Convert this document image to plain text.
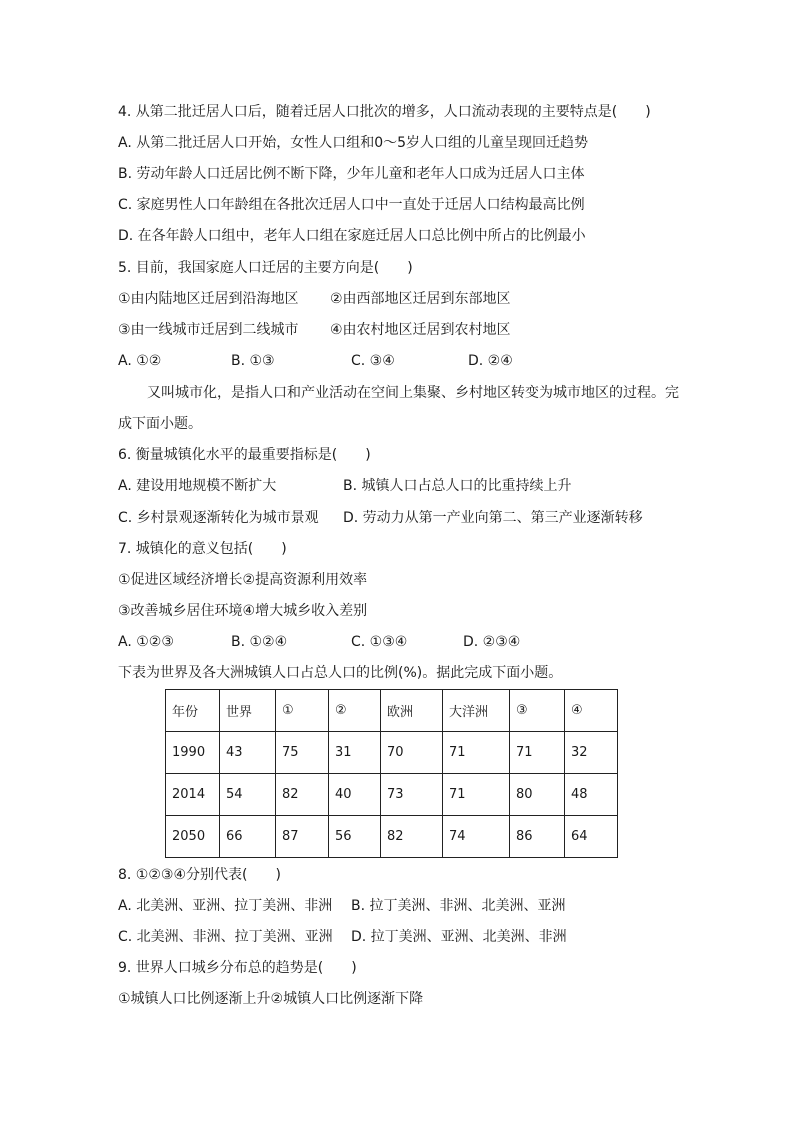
4. 从第二批迁居人口后，随着迁居人口批次的增多，人口流动表现的主要特点是(　　)
A. 从第二批迁居人口开始，女性人口组和0～5岁人口组的儿童呈现回迁趋势
B. 劳动年龄人口迁居比例不断下降，少年儿童和老年人口成为迁居人口主体
C. 家庭男性人口年龄组在各批次迁居人口中一直处于迁居人口结构最高比例
D. 在各年龄人口组中，老年人口组在家庭迁居人口总比例中所占的比例最小
5. 目前，我国家庭人口迁居的主要方向是(　　)
①由内陆地区迁居到沿海地区 ②由西部地区迁居到东部地区
③由一线城市迁居到二线城市 ④由农村地区迁居到农村地区
A. ①②	B. ①③	C. ③④	D. ②④
又叫城市化，是指人口和产业活动在空间上集聚、乡村地区转变为城市地区的过程。完
成下面小题。
6. 衡量城镇化水平的最重要指标是(　　)
A. 建设用地规模不断扩大	B. 城镇人口占总人口的比重持续上升
C. 乡村景观逐渐转化为城市景观 D. 劳动力从第一产业向第二、第三产业逐渐转移
7. 城镇化的意义包括(　　)
①促进区域经济增长②提高资源利用效率
③改善城乡居住环境④增大城乡收入差别
A. ①②③	B. ①②④	C. ①③④	D. ②③④
下表为世界及各大洲城镇人口占总人口的比例(%)。据此完成下面小题。
年份	世界	①	②	欧洲	大洋洲	③	④
1990	43	75	31	70	71	71	32
2014	54	82	40	73	71	80	48
2050	66	87	56	82	74	86	64
8. ①②③④分别代表(　　)
A. 北美洲、亚洲、拉丁美洲、非洲 B. 拉丁美洲、非洲、北美洲、亚洲
C. 北美洲、非洲、拉丁美洲、亚洲 D. 拉丁美洲、亚洲、北美洲、非洲
9. 世界人口城乡分布总的趋势是(　　)
①城镇人口比例逐渐上升②城镇人口比例逐渐下降
